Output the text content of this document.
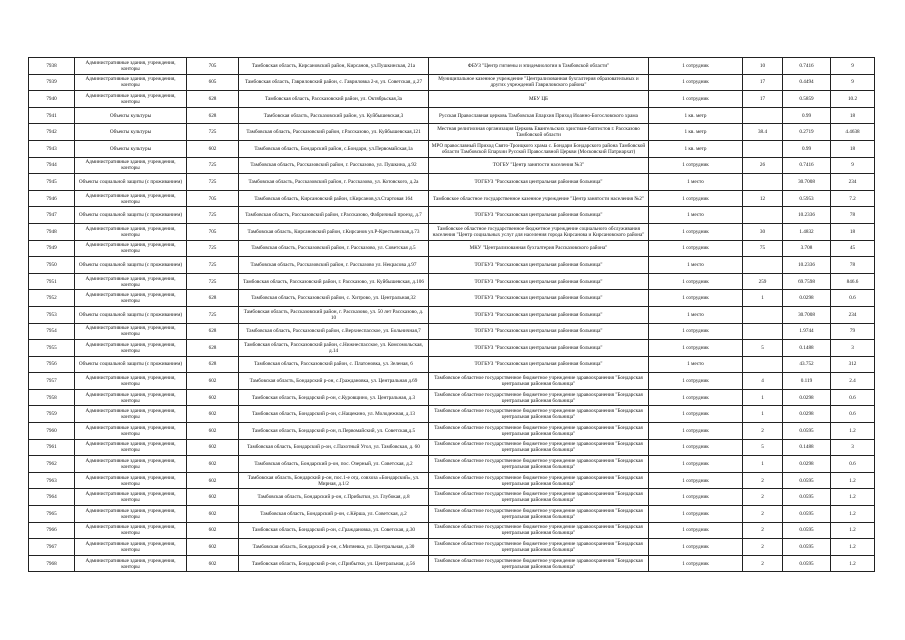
7938	Административные здания, учреждения, конторы	705	Тамбовская область, Кирсановский район, Кирсанов, ул.Пушкинская, 21а	ФБУЗ "Центр гигиены и эпидемиологии в Тамбовской области"	1 сотрудник	10	0.7416	9
7939	Административные здания, учреждения, конторы	605	Тамбовская область, Гавриловский район, с. Гавриловка 2-я, ул. Советская, д.27	Муниципальное казенное учреждение "Централизованная бухгалтерия образовательных и других учреждений Гавриловского района"	1 сотрудник	17	0.4494	9
7940	Административные здания, учреждения, конторы	628	Тамбовская область, Рассказовский район, ул. Октябрьская,3а	МБУ ЦБ	1 сотрудник	17	0.5859	10.2
7941	Объекты культуры	628	Тамбовская область, Рассказовский район, ул. Куйбышевская,3	Русская Православная церковь Тамбовская Епархия Приход Иоанно-Богословского храма	1 кв. метр		0.99	18
7942	Объекты культуры	725	Тамбовская область, Рассказовский район, г.Рассказово, ул. Куйбышевская,121	Местная религиозная организация Церковь Евангельских христиан-баптистов г. Рассказово Тамбовской области	1 кв. метр	38.4	0.2719	4.4638
7943	Объекты культуры	602	Тамбовская область, Бондарский район, с.Бондари, ул.Первомайская,1а	МРО православный Приход Свято-Троицкого храма с. Бондари Бондарского района Тамбовской области Тамбовской Епархии Русской Православной Церкви (Московский Патриархат)	1 кв. метр		0.99	18
7944	Административные здания, учреждения, конторы	725	Тамбовская область, Рассказовский район, г. Рассказово, ул. Пушкина, д.92	ТОГБУ "Центр занятости населения №3"	1 сотрудник	26	0.7416	9
7945	Объекты социальной защиты (с проживанием)	725	Тамбовская область, Рассказовский район, г. Рассказово, ул. Котовского, д.2а	ТОГБУЗ "Рассказовская центральная районная больница"	1 место		30.7008	234
7946	Административные здания, учреждения, конторы	705	Тамбовская область, Кирсановский район, г.Кирсанов,ул.Стартовая 164	Тамбовское областное государственное казенное учреждение "Центр занятости населения №2"	1 сотрудник	12	0.5953	7.2
7947	Объекты социальной защиты (с проживанием)	725	Тамбовская область, Рассказовский район, г.Рассказово, Фабричный проезд, д.7	ТОГБУЗ "Рассказовская центральная районная больница"	1 место		10.2336	78
7948	Административные здания, учреждения, конторы	705	Тамбовская область, Кирсановский район, г.Кирсанов ул.Р-Крестьянская,д.73	Тамбовское областное государственное бюджетное учреждение социального обслуживания населения "Центр социальных услуг для населения города Кирсанова и Кирсановского района"	1 сотрудник	30	1.4832	18
7949	Административные здания, учреждения, конторы	725	Тамбовская область, Рассказовский район, г. Рассказово, ул. Советская д.5	МКУ "Централизованная бухгалтерия Рассказовского района"	1 сотрудник	75	3.708	45
7950	Объекты социальной защиты (с проживанием)	725	Тамбовская область, Рассказовский район, г. Рассказово ул. Некрасова д.97	ТОГБУЗ "Рассказовская центральная районная больница"	1 место		10.2336	78
7951	Административные здания, учреждения, конторы	725	Тамбовская область, Рассказовский район, г. Рассказово, ул. Куйбышевская, д.106	ТОГБУЗ "Рассказовская центральная районная больница"	1 сотрудник	259	69.7598	846.6
7952	Административные здания, учреждения, конторы	628	Тамбовская область, Рассказовский район, с. Хитрово, ул. Центральная,32	ТОГБУЗ "Рассказовская центральная районная больница"	1 сотрудник	1	0.0298	0.6
7953	Объекты социальной защиты (с проживанием)	725	Тамбовская область, Рассказовский район, г. Рассказово, ул. 50 лет Рассказово, д. 10	ТОГБУЗ "Рассказовская центральная районная больница"	1 место		30.7008	234
7954	Административные здания, учреждения, конторы	628	Тамбовская область, Рассказовский район, с.Верхнеспасское, ул. Больничная,7	ТОГБУЗ "Рассказовская центральная районная больница"	1 сотрудник		1.9744	79
7955	Административные здания, учреждения, конторы	628	Тамбовская область, Рассказовский район, с.Нижнеспасское, ул. Комсомольская, д.14	ТОГБУЗ "Рассказовская центральная районная больница"	1 сотрудник	5	0.1488	3
7956	Объекты социальной защиты (с проживанием)	628	Тамбовская область, Рассказовский район, с. Платоновка, ул. Зеленая, 6	ТОГБУЗ "Рассказовская центральная районная больница"	1 место		43.752	312
7957	Административные здания, учреждения, конторы	602	Тамбовская область, Бондарский р-он, с.Граждановка, ул. Центральная д.69	Тамбовское областное государственное бюджетное учреждение здравоохранения "Бондарская центральная районная больница"	1 сотрудник	4	0.119	2.4
7958	Административные здания, учреждения, конторы	602	Тамбовская область, Бондарский р-он, с.Куровщино, ул. Центральная, д.3	Тамбовское областное государственное бюджетное учреждение здравоохранения "Бондарская центральная районная больница"	1 сотрудник	1	0.0298	0.6
7959	Административные здания, учреждения, конторы	602	Тамбовская область, Бондарский р-он, с.Нащекино, ул. Молодежная, д.13	Тамбовское областное государственное бюджетное учреждение здравоохранения "Бондарская центральная районная больница"	1 сотрудник	1	0.0298	0.6
7960	Административные здания, учреждения, конторы	602	Тамбовская область, Бондарский р-он, п.Первомайский, ул. Советская,д.5	Тамбовское областное государственное бюджетное учреждение здравоохранения "Бондарская центральная районная больница"	1 сотрудник	2	0.0595	1.2
7961	Административные здания, учреждения, конторы	602	Тамбовская область, Бондарский р-он, с.Пахотный Угол, ул. Тамбовская, д. 60	Тамбовское областное государственное бюджетное учреждение здравоохранения "Бондарская центральная районная больница"	1 сотрудник	5	0.1488	3
7962	Административные здания, учреждения, конторы	602	Тамбовская область, Бондарский р-он, пос. Озерный, ул. Советская, д.2	Тамбовское областное государственное бюджетное учреждение здравоохранения "Бондарская центральная районная больница"	1 сотрудник	1	0.0298	0.6
7963	Административные здания, учреждения, конторы	602	Тамбовская область, Бондарский р-он, пос.1-е отд. совхоза «Бондарский», ул. Мирная, д.1/2	Тамбовское областное государственное бюджетное учреждение здравоохранения "Бондарская центральная районная больница"	1 сотрудник	2	0.0595	1.2
7964	Административные здания, учреждения, конторы	602	Тамбовская область, Бондарский р-он, с.Прибытки, ул. Глубокая, д.8	Тамбовское областное государственное бюджетное учреждение здравоохранения "Бондарская центральная районная больница"	1 сотрудник	2	0.0595	1.2
7965	Административные здания, учреждения, конторы	602	Тамбовская область, Бондарский р-он, с.Кёрша, ул. Советская, д.2	Тамбовское областное государственное бюджетное учреждение здравоохранения "Бондарская центральная районная больница"	1 сотрудник	2	0.0595	1.2
7966	Административные здания, учреждения, конторы	602	Тамбовская область, Бондарский р-он, с.Граждановка, ул. Советская, д.30	Тамбовское областное государственное бюджетное учреждение здравоохранения "Бондарская центральная районная больница"	1 сотрудник	2	0.0595	1.2
7967	Административные здания, учреждения, конторы	602	Тамбовская область, Бондарский р-он, с.Митяевка, ул. Центральная, д.30	Тамбовское областное государственное бюджетное учреждение здравоохранения "Бондарская центральная районная больница"	1 сотрудник	2	0.0595	1.2
7968	Административные здания, учреждения, конторы	602	Тамбовская область, Бондарский р-он, с.Прибытки, ул. Центральная, д.56	Тамбовское областное государственное бюджетное учреждение здравоохранения "Бондарская центральная районная больница"	1 сотрудник	2	0.0595	1.2
